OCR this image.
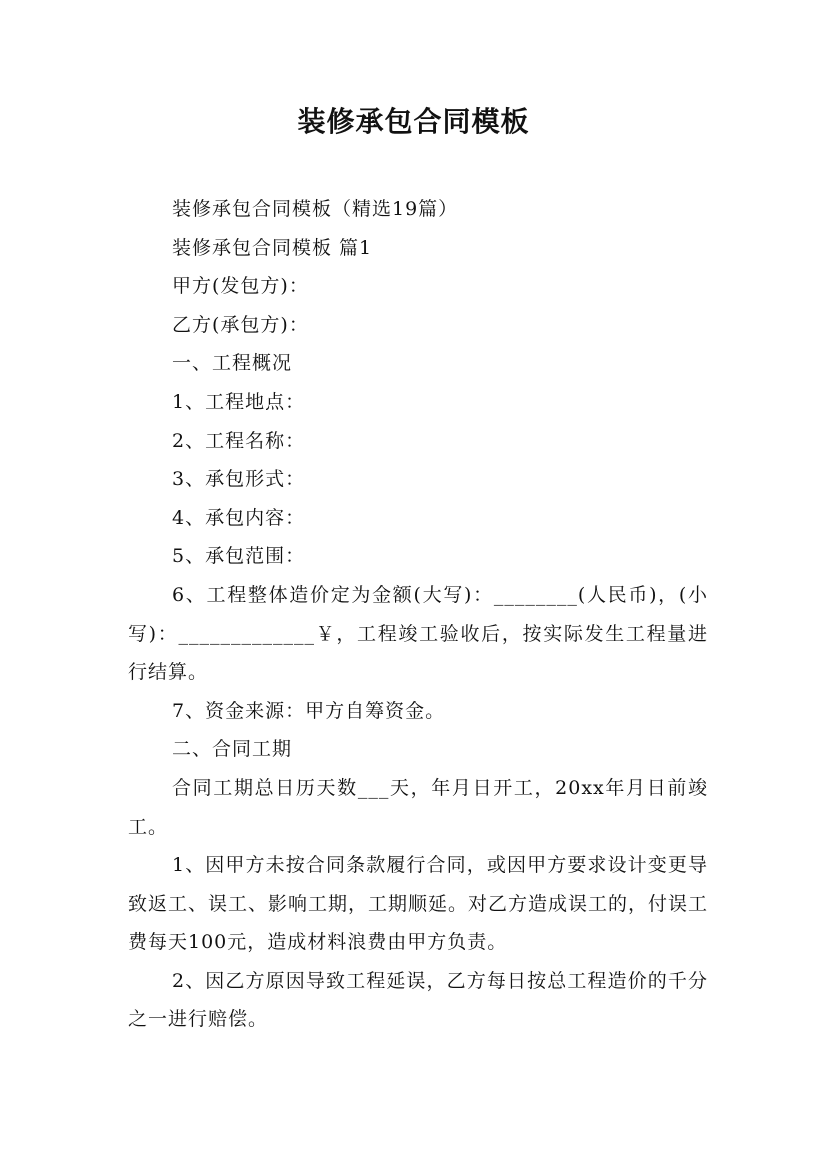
装修承包合同模板

装修承包合同模板（精选19篇）

装修承包合同模板 篇1

甲方(发包方)：

乙方(承包方)：

一、工程概况

1、工程地点：

2、工程名称：

3、承包形式：

4、承包内容：

5、承包范围：

6、工程整体造价定为金额(大写)：________(人民币)，(小写)：_____________￥，工程竣工验收后，按实际发生工程量进行结算。

7、资金来源：甲方自筹资金。

二、合同工期

合同工期总日历天数___天，年月日开工，20xx年月日前竣工。

1、因甲方未按合同条款履行合同，或因甲方要求设计变更导致返工、误工、影响工期，工期顺延。对乙方造成误工的，付误工费每天100元，造成材料浪费由甲方负责。

2、因乙方原因导致工程延误，乙方每日按总工程造价的千分之一进行赔偿。
